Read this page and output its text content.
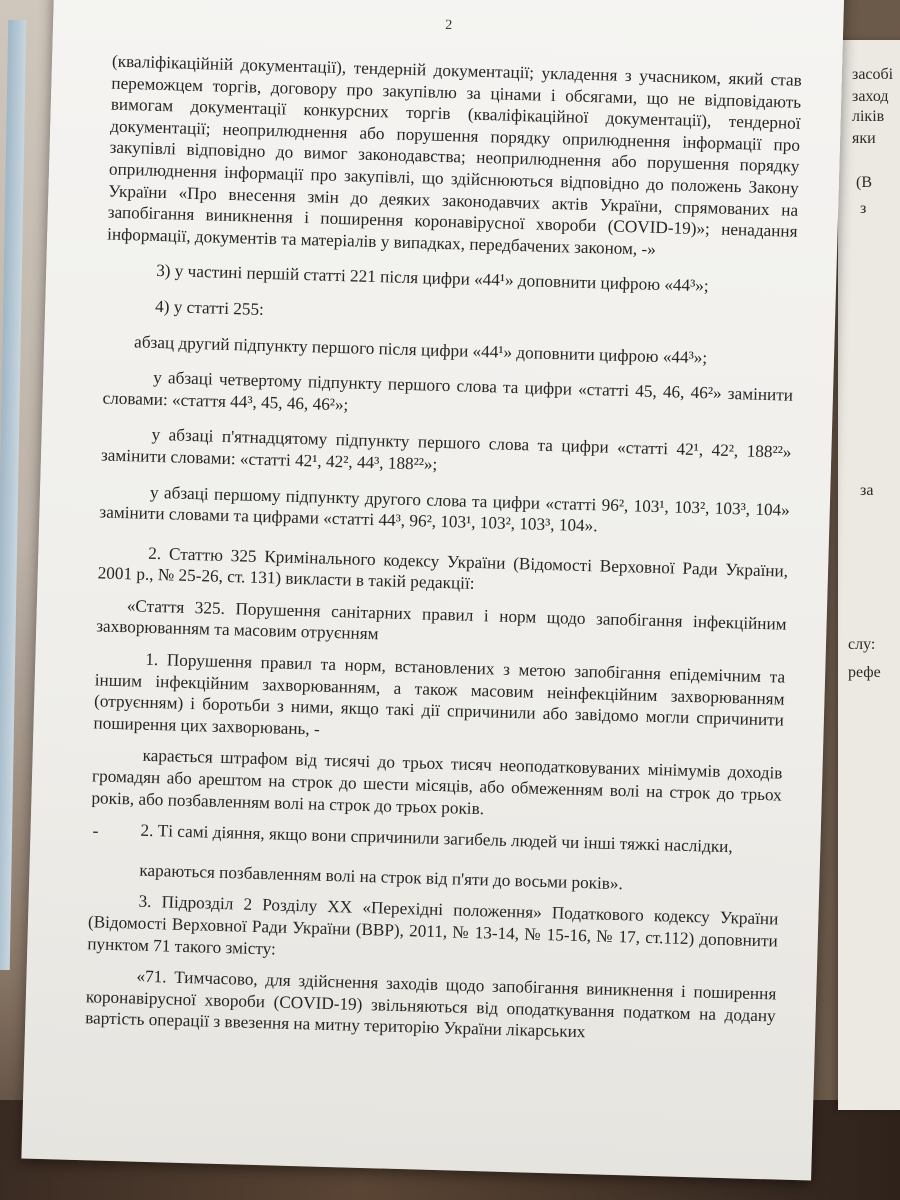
засобі
заход
ліків
яки
(В
з
за
слу:
рефе
2

(кваліфікаційній документації), тендерній документації; укладення з учасником, який став переможцем торгів, договору про закупівлю за цінами і обсягами, що не відповідають вимогам документації конкурсних торгів (кваліфікаційної документації), тендерної документації; неоприлюднення або порушення порядку оприлюднення інформації про закупівлі відповідно до вимог законодавства; неоприлюднення або порушення порядку оприлюднення інформації про закупівлі, що здійснюються відповідно до положень Закону України «Про внесення змін до деяких законодавчих актів України, спрямованих на запобігання виникнення і поширення коронавірусної хвороби (COVID-19)»; ненадання інформації, документів та матеріалів у випадках, передбачених законом, -»

3) у частині першій статті 221 після цифри «44¹» доповнити цифрою «44³»;

4) у статті 255:

абзац другий підпункту першого після цифри «44¹» доповнити цифрою «44³»;

у абзаці четвертому підпункту першого слова та цифри «статті 45, 46, 46²» замінити словами: «стаття 44³, 45, 46, 46²»;

у абзаці п'ятнадцятому підпункту першого слова та цифри «статті 42¹, 42², 188²²» замінити словами: «статті 42¹, 42², 44³, 188²²»;

у абзаці першому підпункту другого слова та цифри «статті 96², 103¹, 103², 103³, 104» замінити словами та цифрами «статті 44³, 96², 103¹, 103², 103³, 104».

2. Статтю 325 Кримінального кодексу України (Відомості Верховної Ради України, 2001 р., № 25-26, ст. 131) викласти в такій редакції:

«Стаття 325. Порушення санітарних правил і норм щодо запобігання інфекційним захворюванням та масовим отруєнням

1. Порушення правил та норм, встановлених з метою запобігання епідемічним та іншим інфекційним захворюванням, а також масовим неінфекційним захворюванням (отруєнням) і боротьби з ними, якщо такі дії спричинили або завідомо могли спричинити поширення цих захворювань, -

карається штрафом від тисячі до трьох тисяч неоподатковуваних мінімумів доходів громадян або арештом на строк до шести місяців, або обмеженням волі на строк до трьох років, або позбавленням волі на строк до трьох років.

- 2. Ті самі діяння, якщо вони спричинили загибель людей чи інші тяжкі наслідки,

караються позбавленням волі на строк від п'яти до восьми років».

3. Підрозділ 2 Розділу ХХ «Перехідні положення» Податкового кодексу України (Відомості Верховної Ради України (ВВР), 2011, № 13-14, № 15-16, № 17, ст.112) доповнити пунктом 71 такого змісту:

«71. Тимчасово, для здійснення заходів щодо запобігання виникнення і поширення коронавірусної хвороби (COVID-19) звільняються від оподаткування податком на додану вартість операції з ввезення на митну територію України лікарських
